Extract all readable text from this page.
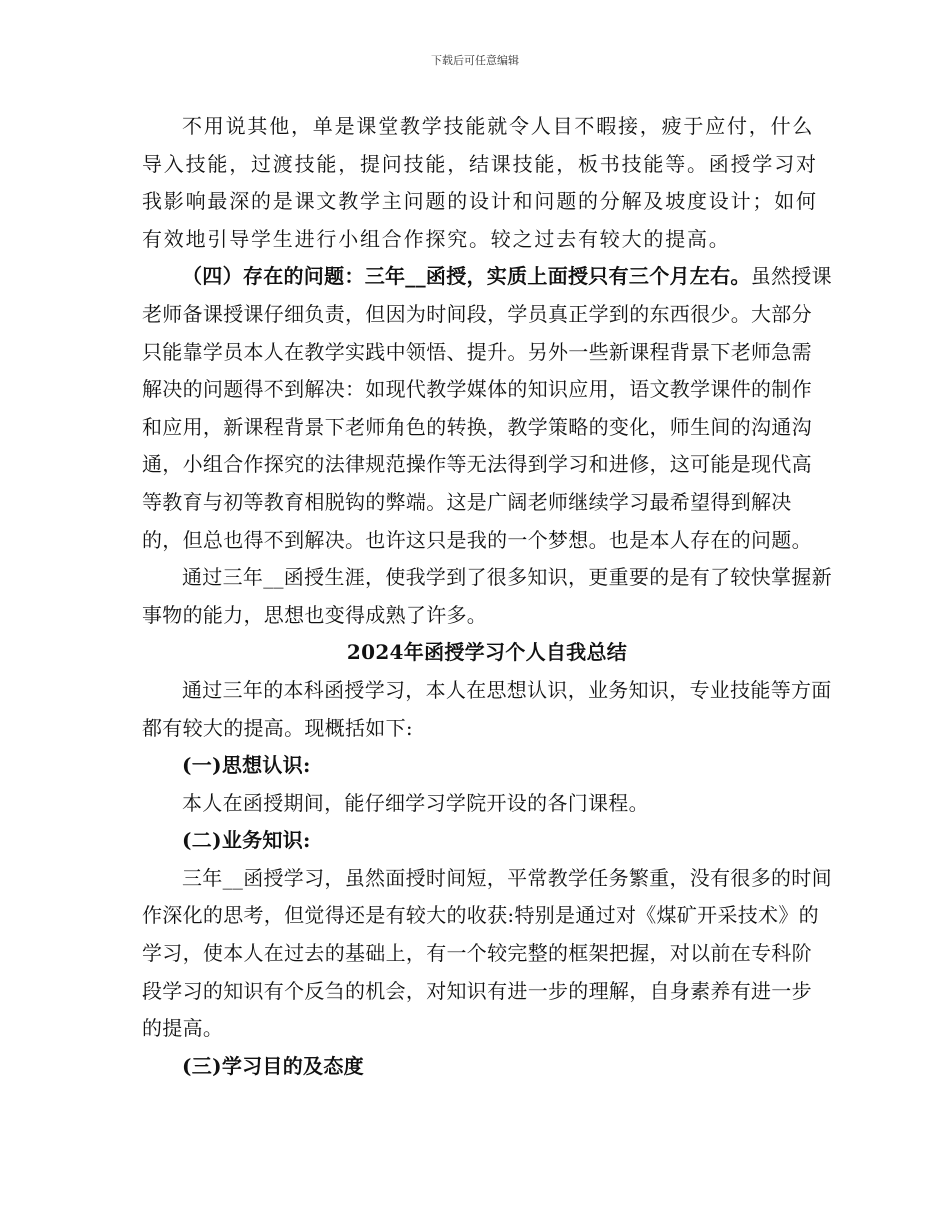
下载后可任意编辑

不用说其他，单是课堂教学技能就令人目不暇接，疲于应付，什么导入技能，过渡技能，提问技能，结课技能，板书技能等。函授学习对我影响最深的是课文教学主问题的设计和问题的分解及坡度设计；如何有效地引导学生进行小组合作探究。较之过去有较大的提高。

（四）存在的问题：三年__函授，实质上面授只有三个月左右。虽然授课老师备课授课仔细负责，但因为时间段，学员真正学到的东西很少。大部分只能靠学员本人在教学实践中领悟、提升。另外一些新课程背景下老师急需解决的问题得不到解决：如现代教学媒体的知识应用，语文教学课件的制作和应用，新课程背景下老师角色的转换，教学策略的变化，师生间的沟通沟通，小组合作探究的法律规范操作等无法得到学习和进修，这可能是现代高等教育与初等教育相脱钩的弊端。这是广阔老师继续学习最希望得到解决的，但总也得不到解决。也许这只是我的一个梦想。也是本人存在的问题。

通过三年__函授生涯，使我学到了很多知识，更重要的是有了较快掌握新事物的能力，思想也变得成熟了许多。

2024年函授学习个人自我总结

通过三年的本科函授学习，本人在思想认识，业务知识，专业技能等方面都有较大的提高。现概括如下:

(一)思想认识:

本人在函授期间，能仔细学习学院开设的各门课程。

(二)业务知识:

三年__函授学习，虽然面授时间短，平常教学任务繁重，没有很多的时间作深化的思考，但觉得还是有较大的收获:特别是通过对《煤矿开采技术》的学习，使本人在过去的基础上，有一个较完整的框架把握，对以前在专科阶段学习的知识有个反刍的机会，对知识有进一步的理解，自身素养有进一步的提高。

(三)学习目的及态度
